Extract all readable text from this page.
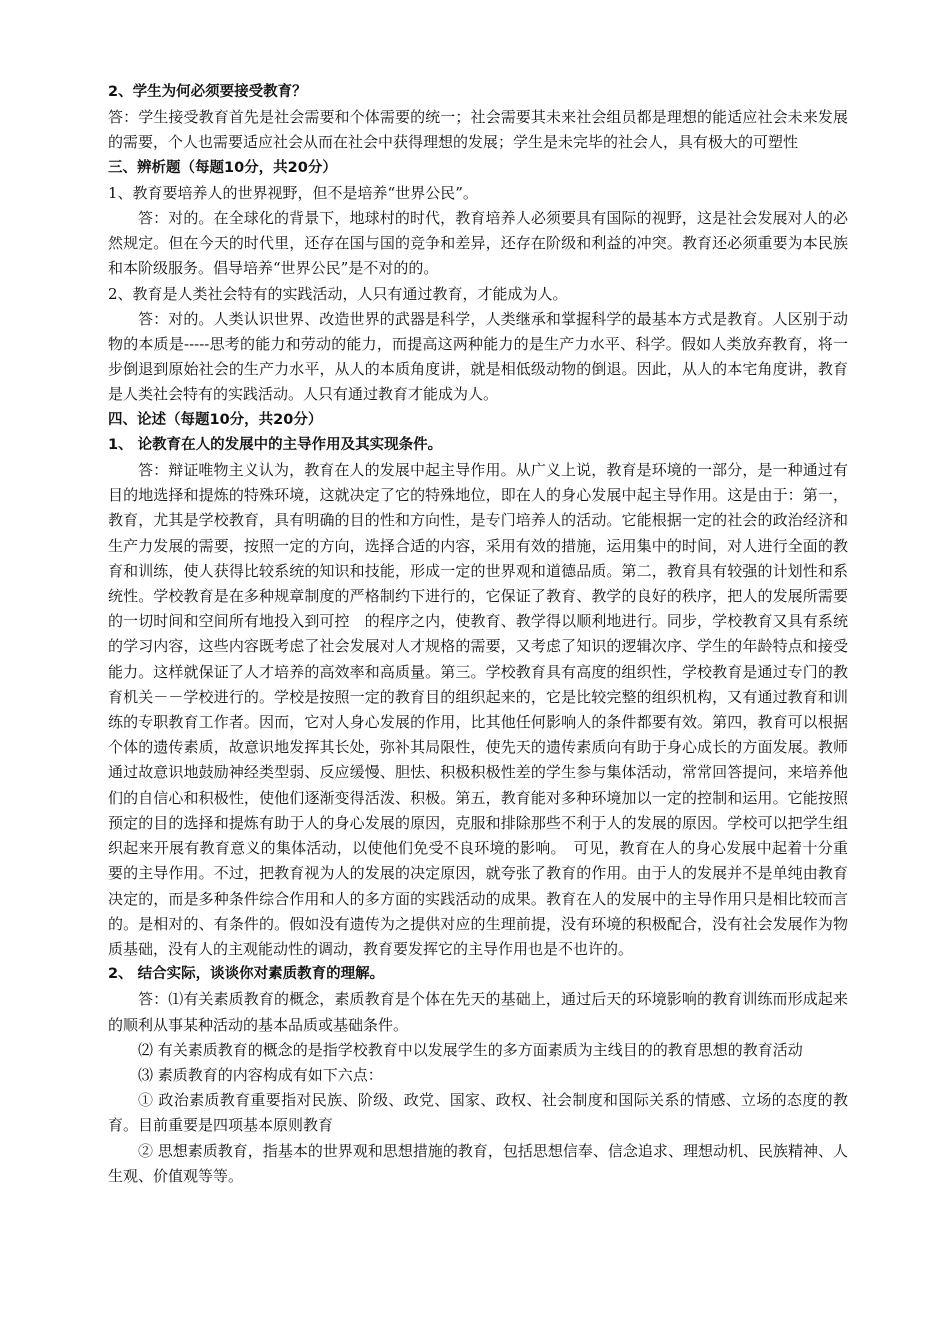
2、学生为何必须要接受教育？

答：学生接受教育首先是社会需要和个体需要的统一；社会需要其未来社会组员都是理想的能适应社会未来发展的需要，个人也需要适应社会从而在社会中获得理想的发展；学生是未完毕的社会人，具有极大的可塑性

三、辨析题（每题10分，共20分）

1、教育要培养人的世界视野，但不是培养“世界公民”。

答：对的。在全球化的背景下，地球村的时代，教育培养人必须要具有国际的视野，这是社会发展对人的必然规定。但在今天的时代里，还存在国与国的竞争和差异，还存在阶级和利益的冲突。教育还必须重要为本民族和本阶级服务。倡导培养“世界公民”是不对的的。

2、教育是人类社会特有的实践活动，人只有通过教育，才能成为人。

答：对的。人类认识世界、改造世界的武器是科学，人类继承和掌握科学的最基本方式是教育。人区别于动物的本质是-----思考的能力和劳动的能力，而提高这两种能力的是生产力水平、科学。假如人类放弃教育，将一步倒退到原始社会的生产力水平，从人的本质角度讲，就是相低级动物的倒退。因此，从人的本宅角度讲，教育是人类社会特有的实践活动。人只有通过教育才能成为人。

四、论述（每题10分，共20分）

1、 论教育在人的发展中的主导作用及其实现条件。

答：辩证唯物主义认为，教育在人的发展中起主导作用。从广义上说，教育是环境的一部分，是一种通过有目的地选择和提炼的特殊环境，这就决定了它的特殊地位，即在人的身心发展中起主导作用。这是由于：第一，教育，尤其是学校教育，具有明确的目的性和方向性，是专门培养人的活动。它能根据一定的社会的政治经济和生产力发展的需要，按照一定的方向，选择合适的内容，采用有效的措施，运用集中的时间，对人进行全面的教育和训练，使人获得比较系统的知识和技能，形成一定的世界观和道德品质。第二，教育具有较强的计划性和系统性。学校教育是在多种规章制度的严格制约下进行的，它保证了教育、教学的良好的秩序，把人的发展所需要的一切时间和空间所有地投入到可控　的程序之内，使教育、教学得以顺利地进行。同步，学校教育又具有系统的学习内容，这些内容既考虑了社会发展对人才规格的需要，又考虑了知识的逻辑次序、学生的年龄特点和接受能力。这样就保证了人才培养的高效率和高质量。第三。学校教育具有高度的组织性，学校教育是通过专门的教育机关－－学校进行的。学校是按照一定的教育目的组织起来的，它是比较完整的组织机构，又有通过教育和训练的专职教育工作者。因而，它对人身心发展的作用，比其他任何影响人的条件都要有效。第四，教育可以根据个体的遗传素质，故意识地发挥其长处，弥补其局限性，使先天的遗传素质向有助于身心成长的方面发展。教师通过故意识地鼓励神经类型弱、反应缓慢、胆怯、积极积极性差的学生参与集体活动，常常回答提问，来培养他们的自信心和积极性，使他们逐渐变得活泼、积极。第五，教育能对多种环境加以一定的控制和运用。它能按照预定的目的选择和提炼有助于人的身心发展的原因，克服和排除那些不利于人的发展的原因。学校可以把学生组织起来开展有教育意义的集体活动，以使他们免受不良环境的影响。　可见，教育在人的身心发展中起着十分重要的主导作用。不过，把教育视为人的发展的决定原因，就夸张了教育的作用。由于人的发展并不是单纯由教育决定的，而是多种条件综合作用和人的多方面的实践活动的成果。教育在人的发展中的主导作用只是相比较而言的。是相对的、有条件的。假如没有遗传为之提供对应的生理前提，没有环境的积极配合，没有社会发展作为物质基础，没有人的主观能动性的调动，教育要发挥它的主导作用也是不也许的。

2、 结合实际，谈谈你对素质教育的理解。

答：⑴有关素质教育的概念，素质教育是个体在先天的基础上，通过后天的环境影响的教育训练而形成起来的顺利从事某种活动的基本品质或基础条件。

⑵ 有关素质教育的概念的是指学校教育中以发展学生的多方面素质为主线目的的教育思想的教育活动

⑶ 素质教育的内容构成有如下六点：

① 政治素质教育重要指对民族、阶级、政党、国家、政权、社会制度和国际关系的情感、立场的态度的教育。目前重要是四项基本原则教育

② 思想素质教育，指基本的世界观和思想措施的教育，包括思想信奉、信念追求、理想动机、民族精神、人生观、价值观等等。
